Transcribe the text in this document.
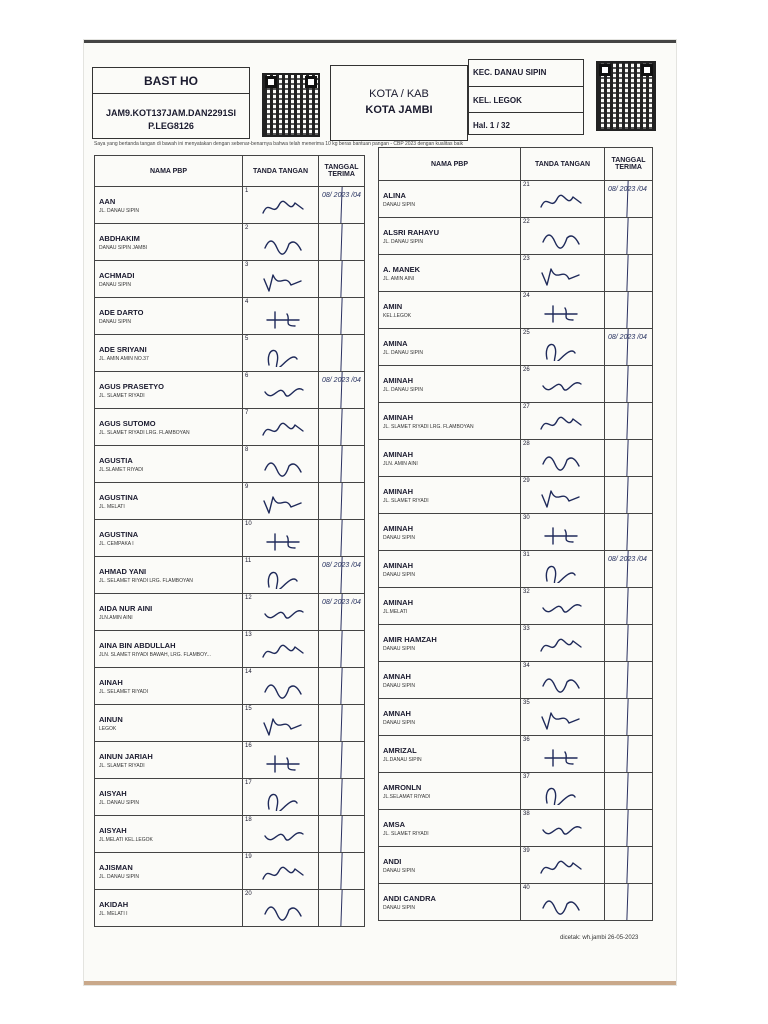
BAST HO
JAM9.KOT137JAM.DAN2291SI
P.LEG8126
KOTA / KAB
KOTA JAMBI
KEC. DANAU SIPIN
KEL. LEGOK
Hal. 1 / 32
Saya yang bertanda tangan di bawah ini menyatakan dengan sebenar-benarnya bahwa telah menerima 10 kg beras bantuan pangan - CBP 2023 dengan kualitas baik
NAMA PBP	TANDA TANGAN	TANGGAL TERIMA

AAN
JL. DANAU SIPIN	1	08/ 2023 /04

ABDHAKIM
DANAU SIPIN JAMBI	2	

ACHMADI
DANAU SIPIN	3	

ADE DARTO
DANAU SIPIN	4	

ADE SRIYANI
JL. AMIN AMIN NO.37	5	

AGUS PRASETYO
JL. SLAMET RIYADI	6	08/ 2023 /04

AGUS SUTOMO
JL. SLAMET RIYADI LRG. FLAMBOYAN	7	

AGUSTIA
JL.SLAMET RIYADI	8	

AGUSTINA
JL. MELATI	9	

AGUSTINA
JL. CEMPAKA I	10	

AHMAD YANI
JL. SELAMET RIYADI LRG. FLAMBOYAN	11	08/ 2023 /04

AIDA NUR AINI
JLN.AMIN AINI	12	08/ 2023 /04

AINA BIN ABDULLAH
JLN. SLAMET RIYADI BAWAH, LRG. FLAMBOY...	13	

AINAH
JL. SELAMET RIYADI	14	

AINUN
LEGOK	15	

AINUN JARIAH
JL. SLAMET RIYADI	16	

AISYAH
JL. DANAU SIPIN	17	

AISYAH
JL.MELATI KEL.LEGOK	18	

AJISMAN
JL. DANAU SIPIN	19	

AKIDAH
JL. MELATI I	20	

NAMA PBP	TANDA TANGAN	TANGGAL TERIMA

ALINA
DANAU SIPIN	21	08/ 2023 /04

ALSRI RAHAYU
JL. DANAU SIPIN	22	

A. MANEK
JL. AMIN AINI	23	

AMIN
KEL.LEGOK	24	

AMINA
JL. DANAU SIPIN	25	08/ 2023 /04

AMINAH
JL. DANAU SIPIN	26	

AMINAH
JL. SLAMET RIYADI LRG. FLAMBOYAN	27	

AMINAH
JLN. AMIN AINI	28	

AMINAH
JL. SLAMET RIYADI	29	

AMINAH
DANAU SIPIN	30	

AMINAH
DANAU SIPIN	31	08/ 2023 /04

AMINAH
JL.MELATI	32	

AMIR HAMZAH
DANAU SIPIN	33	

AMNAH
DANAU SIPIN	34	

AMNAH
DANAU SIPIN	35	

AMRIZAL
JL.DANAU SIPIN	36	

AMRONLN
JL.SELAMAT RIYADI	37	

AMSA
JL. SLAMET RIYADI	38	

ANDI
DANAU SIPIN	39	

ANDI CANDRA
DANAU SIPIN	40	

dicetak: wh.jambi 26-05-2023
